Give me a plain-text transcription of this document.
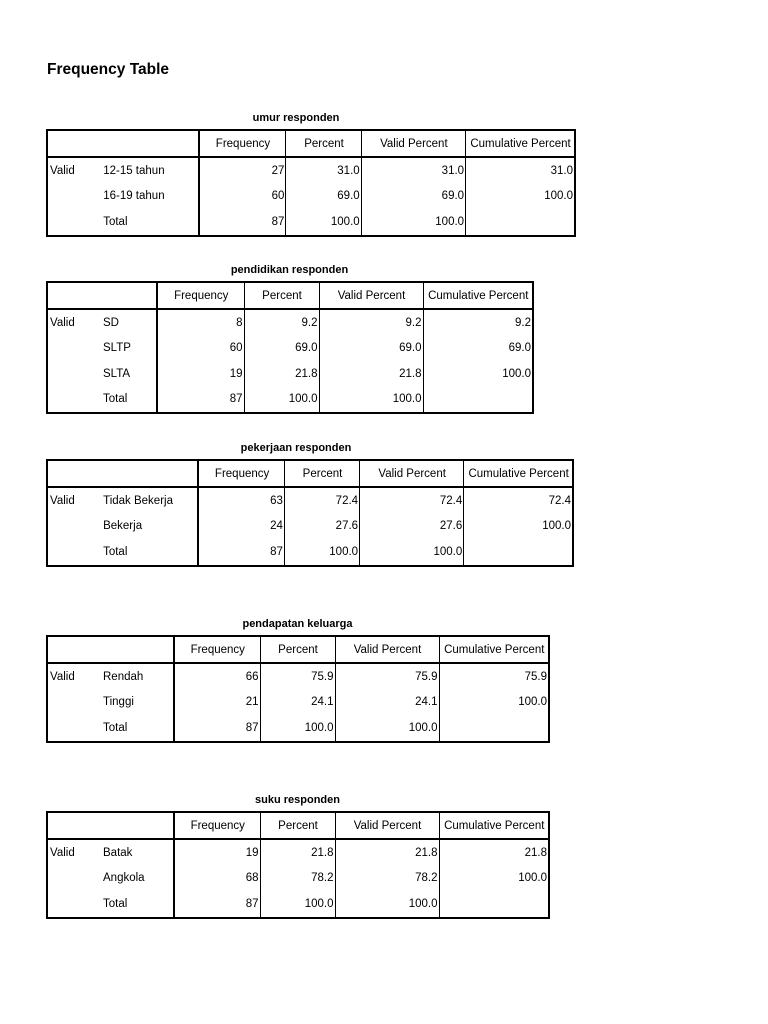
Frequency Table
umur responden
		Frequency	Percent	Valid Percent	Cumulative Percent
Valid	12-15 tahun	27	31.0	31.0	31.0
	16-19 tahun	60	69.0	69.0	100.0
	Total	87	100.0	100.0	
pendidikan responden
		Frequency	Percent	Valid Percent	Cumulative Percent
Valid	SD	8	9.2	9.2	9.2
	SLTP	60	69.0	69.0	69.0
	SLTA	19	21.8	21.8	100.0
	Total	87	100.0	100.0	
pekerjaan responden
		Frequency	Percent	Valid Percent	Cumulative Percent
Valid	Tidak Bekerja	63	72.4	72.4	72.4
	Bekerja	24	27.6	27.6	100.0
	Total	87	100.0	100.0	
pendapatan keluarga
		Frequency	Percent	Valid Percent	Cumulative Percent
Valid	Rendah	66	75.9	75.9	75.9
	Tinggi	21	24.1	24.1	100.0
	Total	87	100.0	100.0	
suku responden
		Frequency	Percent	Valid Percent	Cumulative Percent
Valid	Batak	19	21.8	21.8	21.8
	Angkola	68	78.2	78.2	100.0
	Total	87	100.0	100.0	
